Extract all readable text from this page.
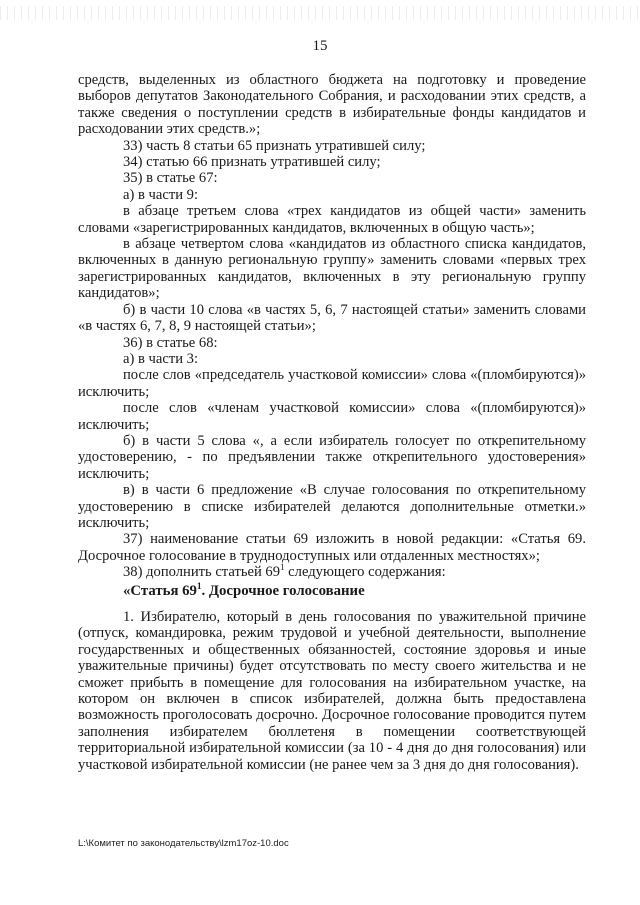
15

средств, выделенных из областного бюджета на подготовку и проведение выборов депутатов Законодательного Собрания, и расходовании этих средств, а также сведения о поступлении средств в избирательные фонды кандидатов и расходовании этих средств.»;

33) часть 8 статьи 65 признать утратившей силу;

34) статью 66 признать утратившей силу;

35) в статье 67:

а) в части 9:

в абзаце третьем слова «трех кандидатов из общей части» заменить словами «зарегистрированных кандидатов, включенных в общую часть»;

в абзаце четвертом слова «кандидатов из областного списка кандидатов, включенных в данную региональную группу» заменить словами «первых трех зарегистрированных кандидатов, включенных в эту региональную группу кандидатов»;

б) в части 10 слова «в частях 5, 6, 7 настоящей статьи» заменить словами «в частях 6, 7, 8, 9 настоящей статьи»;

36) в статье 68:

а) в части 3:

после слов «председатель участковой комиссии» слова «(пломбируются)» исключить;

после слов «членам участковой комиссии» слова «(пломбируются)» исключить;

б) в части 5 слова «, а если избиратель голосует по открепительному удостоверению, - по предъявлении также открепительного удостоверения» исключить;

в) в части 6 предложение «В случае голосования по открепительному удостоверению в списке избирателей делаются дополнительные отметки.» исключить;

37) наименование статьи 69 изложить в новой редакции: «Статья 69. Досрочное голосование в труднодоступных или отдаленных местностях»;

38) дополнить статьей $69^1$ следующего содержания:

«Статья $69^1$. Досрочное голосование

1. Избирателю, который в день голосования по уважительной причине (отпуск, командировка, режим трудовой и учебной деятельности, выполнение государственных и общественных обязанностей, состояние здоровья и иные уважительные причины) будет отсутствовать по месту своего жительства и не сможет прибыть в помещение для голосования на избирательном участке, на котором он включен в список избирателей, должна быть предоставлена возможность проголосовать досрочно. Досрочное голосование проводится путем заполнения избирателем бюллетеня в помещении соответствующей территориальной избирательной комиссии (за 10 - 4 дня до дня голосования) или участковой избирательной комиссии (не ранее чем за 3 дня до дня голосования).

L:\Комитет по законодательству\lzm17oz-10.doc
